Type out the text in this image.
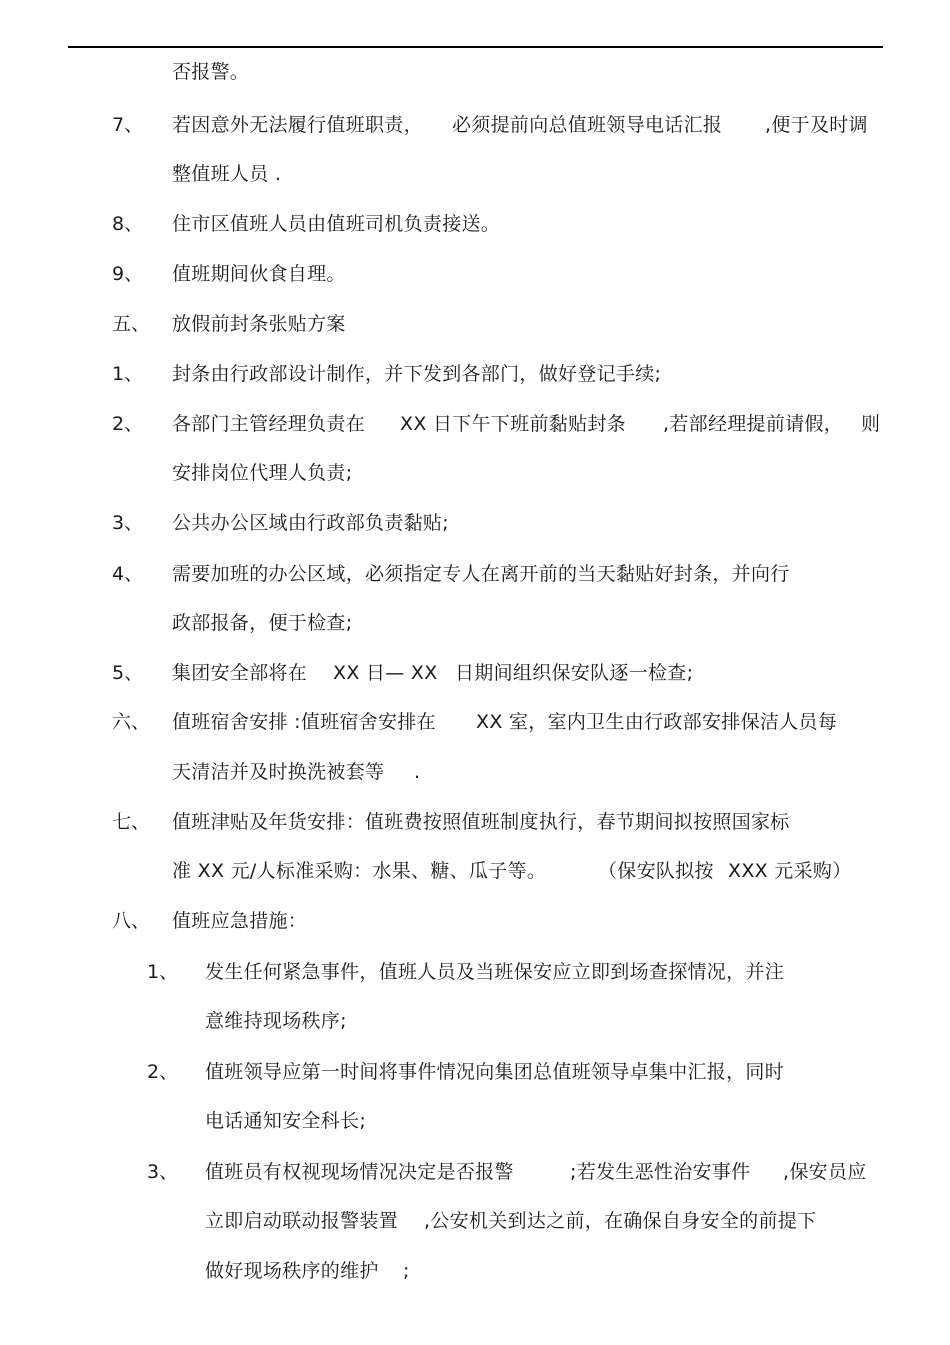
否报警。
7、 若因意外无法履行值班职责， 必须提前向总值班领导电话汇报 ,便于及时调
整值班人员 .
8、 住市区值班人员由值班司机负责接送。
9、 值班期间伙食自理。
五、 放假前封条张贴方案
1、 封条由行政部设计制作，并下发到各部门，做好登记手续;
2、 各部门主管经理负责在 XX 日下午下班前黏贴封条 ,若部经理提前请假， 则
安排岗位代理人负责;
3、 公共办公区域由行政部负责黏贴;
4、 需要加班的办公区域，必须指定专人在离开前的当天黏贴好封条，并向行
政部报备，便于检查;
5、 集团安全部将在 XX 日— XX 日期间组织保安队逐一检查;
六、 值班宿舍安排 :值班宿舍安排在 XX 室，室内卫生由行政部安排保洁人员每
天清洁并及时换洗被套等 .
七、 值班津贴及年货安排：值班费按照值班制度执行，春节期间拟按照国家标
准 XX 元/人标准采购：水果、糖、瓜子等。	（保安队拟按 XXX 元采购）
八、 值班应急措施：
1、 发生任何紧急事件，值班人员及当班保安应立即到场查探情况，并注
意维持现场秩序;
2、 值班领导应第一时间将事件情况向集团总值班领导卓集中汇报，同时
电话通知安全科长;
3、 值班员有权视现场情况决定是否报警	;若发生恶性治安事件 ,保安员应
立即启动联动报警装置 ,公安机关到达之前，在确保自身安全的前提下
做好现场秩序的维护 ;
